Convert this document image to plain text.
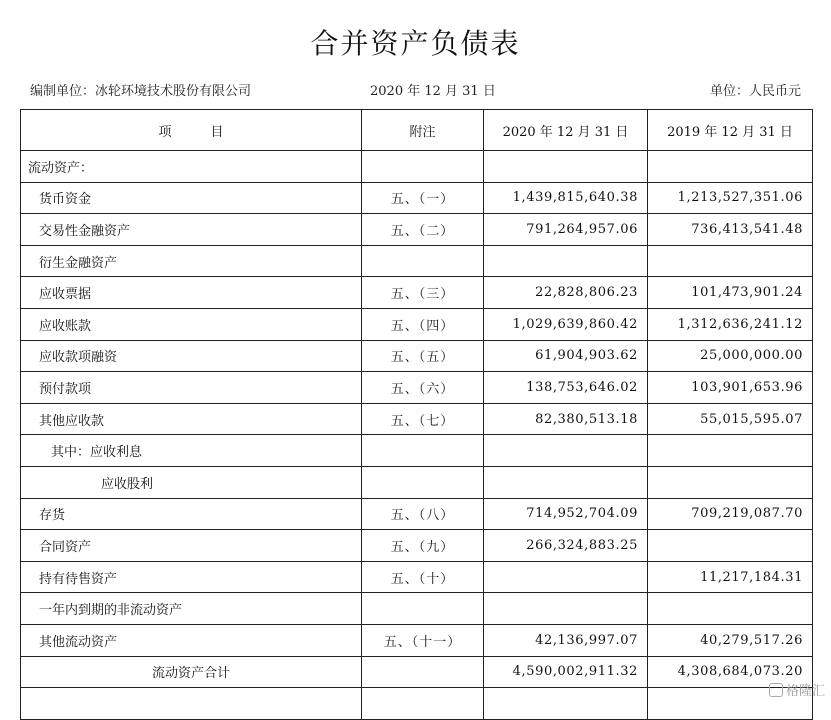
合并资产负债表
编制单位：冰轮环境技术股份有限公司	2020 年 12 月 31 日	单位：人民币元
项　　　目	附注	2020 年 12 月 31 日	2019 年 12 月 31 日
流动资产：			
货币资金	五、（一）	1,439,815,640.38	1,213,527,351.06
交易性金融资产	五、（二）	791,264,957.06	736,413,541.48
衍生金融资产			
应收票据	五、（三）	22,828,806.23	101,473,901.24
应收账款	五、（四）	1,029,639,860.42	1,312,636,241.12
应收款项融资	五、（五）	61,904,903.62	25,000,000.00
预付款项	五、（六）	138,753,646.02	103,901,653.96
其他应收款	五、（七）	82,380,513.18	55,015,595.07
其中：应收利息			
应收股利			
存货	五、（八）	714,952,704.09	709,219,087.70
合同资产	五、（九）	266,324,883.25	
持有待售资产	五、（十）		11,217,184.31
一年内到期的非流动资产			
其他流动资产	五、（十一）	42,136,997.07	40,279,517.26
流动资产合计		4,590,002,911.32	4,308,684,073.20

格隆汇
